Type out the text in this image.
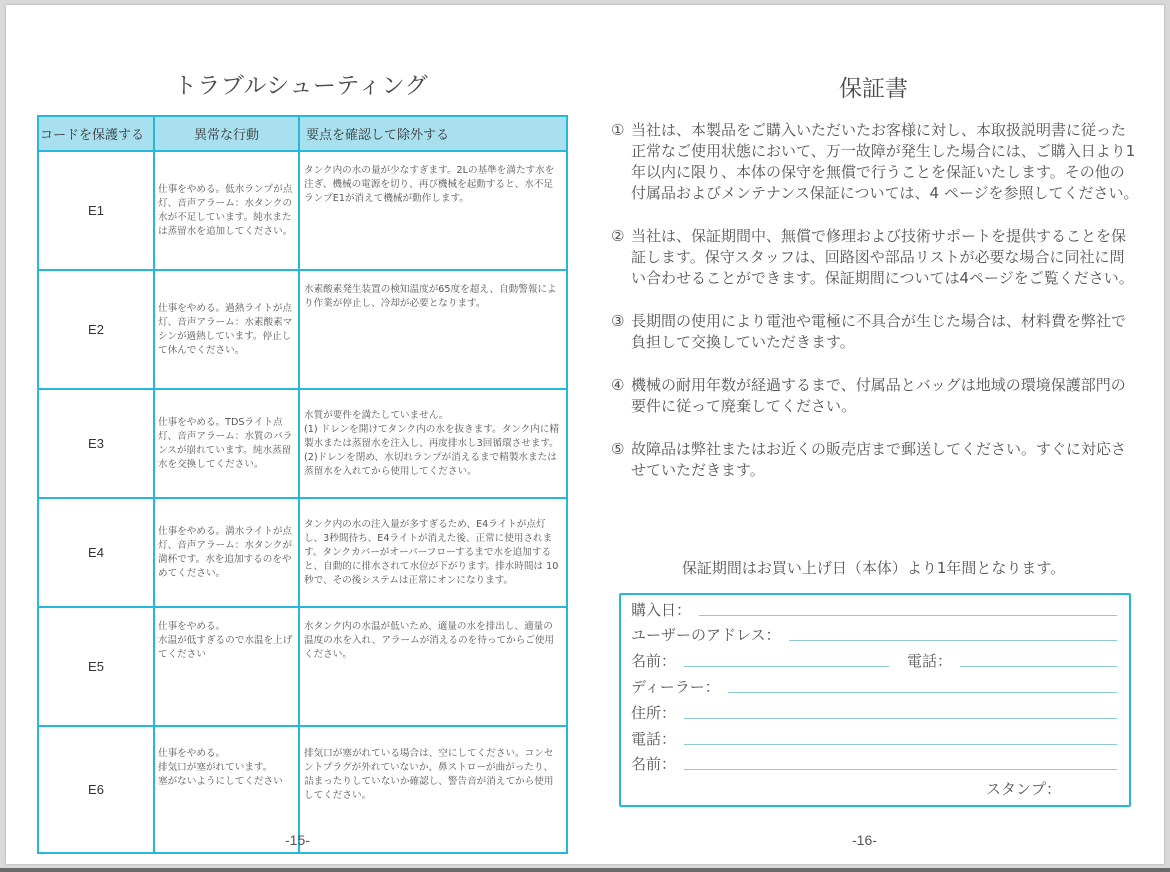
トラブルシューティング
コードを保護する	異常な行動	要点を確認して除外する
E1	仕事をやめる。低水ランプが点灯、音声アラーム：水タンクの水が不足しています。純水または蒸留水を追加してください。	タンク内の水の量が少なすぎます。2Lの基準を満たす水を注ぎ、機械の電源を切り、再び機械を起動すると、水不足ランプE1が消えて機械が動作します。
E2	仕事をやめる。過熱ライトが点灯、音声アラーム：水素酸素マシンが過熱しています。停止して休んでください。	水素酸素発生装置の検知温度が65度を超え、自動警報により作業が停止し、冷却が必要となります。
E3	仕事をやめる。TDSライト点灯、音声アラーム：水質のバランスが崩れています。純水蒸留水を交換してください。	水質が要件を満たしていません。
(1) ドレンを開けてタンク内の水を抜きます。タンク内に精製水または蒸留水を注入し、再度排水し3回循環させます。
(2)ドレンを閉め、水切れランプが消えるまで精製水または蒸留水を入れてから使用してください。
E4	仕事をやめる。満水ライトが点灯、音声アラーム：水タンクが満杯です。水を追加するのをやめてください。	タンク内の水の注入量が多すぎるため、E4ライトが点灯し、3秒間待ち、E4ライトが消えた後、正常に使用されます。タンクカバーがオーバーフローするまで水を追加すると、自動的に排水されて水位が下がります。排水時間は 10 秒で、その後システムは正常にオンになります。
E5	仕事をやめる。
水温が低すぎるので水温を上げてください	水タンク内の水温が低いため、適量の水を排出し、適量の温度の水を入れ、アラームが消えるのを待ってからご使用ください。
E6	仕事をやめる。
排気口が塞がれています。
塞がないようにしてください	排気口が塞がれている場合は、空にしてください。コンセントプラグが外れていないか、鼻ストローが曲がったり、詰まったりしていないか確認し、警告音が消えてから使用してください。
-15-
保証書
① 当社は、本製品をご購入いただいたお客様に対し、本取扱説明書に従った正常なご使用状態において、万一故障が発生した場合には、ご購入日より1年以内に限り、本体の保守を無償で行うことを保証いたします。その他の付属品およびメンテナンス保証については、4 ページを参照してください。
② 当社は、保証期間中、無償で修理および技術サポートを提供することを保証します。保守スタッフは、回路図や部品リストが必要な場合に同社に問い合わせることができます。保証期間については4ページをご覧ください。
③ 長期間の使用により電池や電極に不具合が生じた場合は、材料費を弊社で負担して交換していただきます。
④ 機械の耐用年数が経過するまで、付属品とバッグは地域の環境保護部門の要件に従って廃棄してください。
⑤ 故障品は弊社またはお近くの販売店まで郵送してください。すぐに対応させていただきます。
保証期間はお買い上げ日（本体）より1年間となります。
購入日：
ユーザーのアドレス：
名前：	電話：
ディーラー：
住所：
電話：
名前：
スタンプ：
-16-
